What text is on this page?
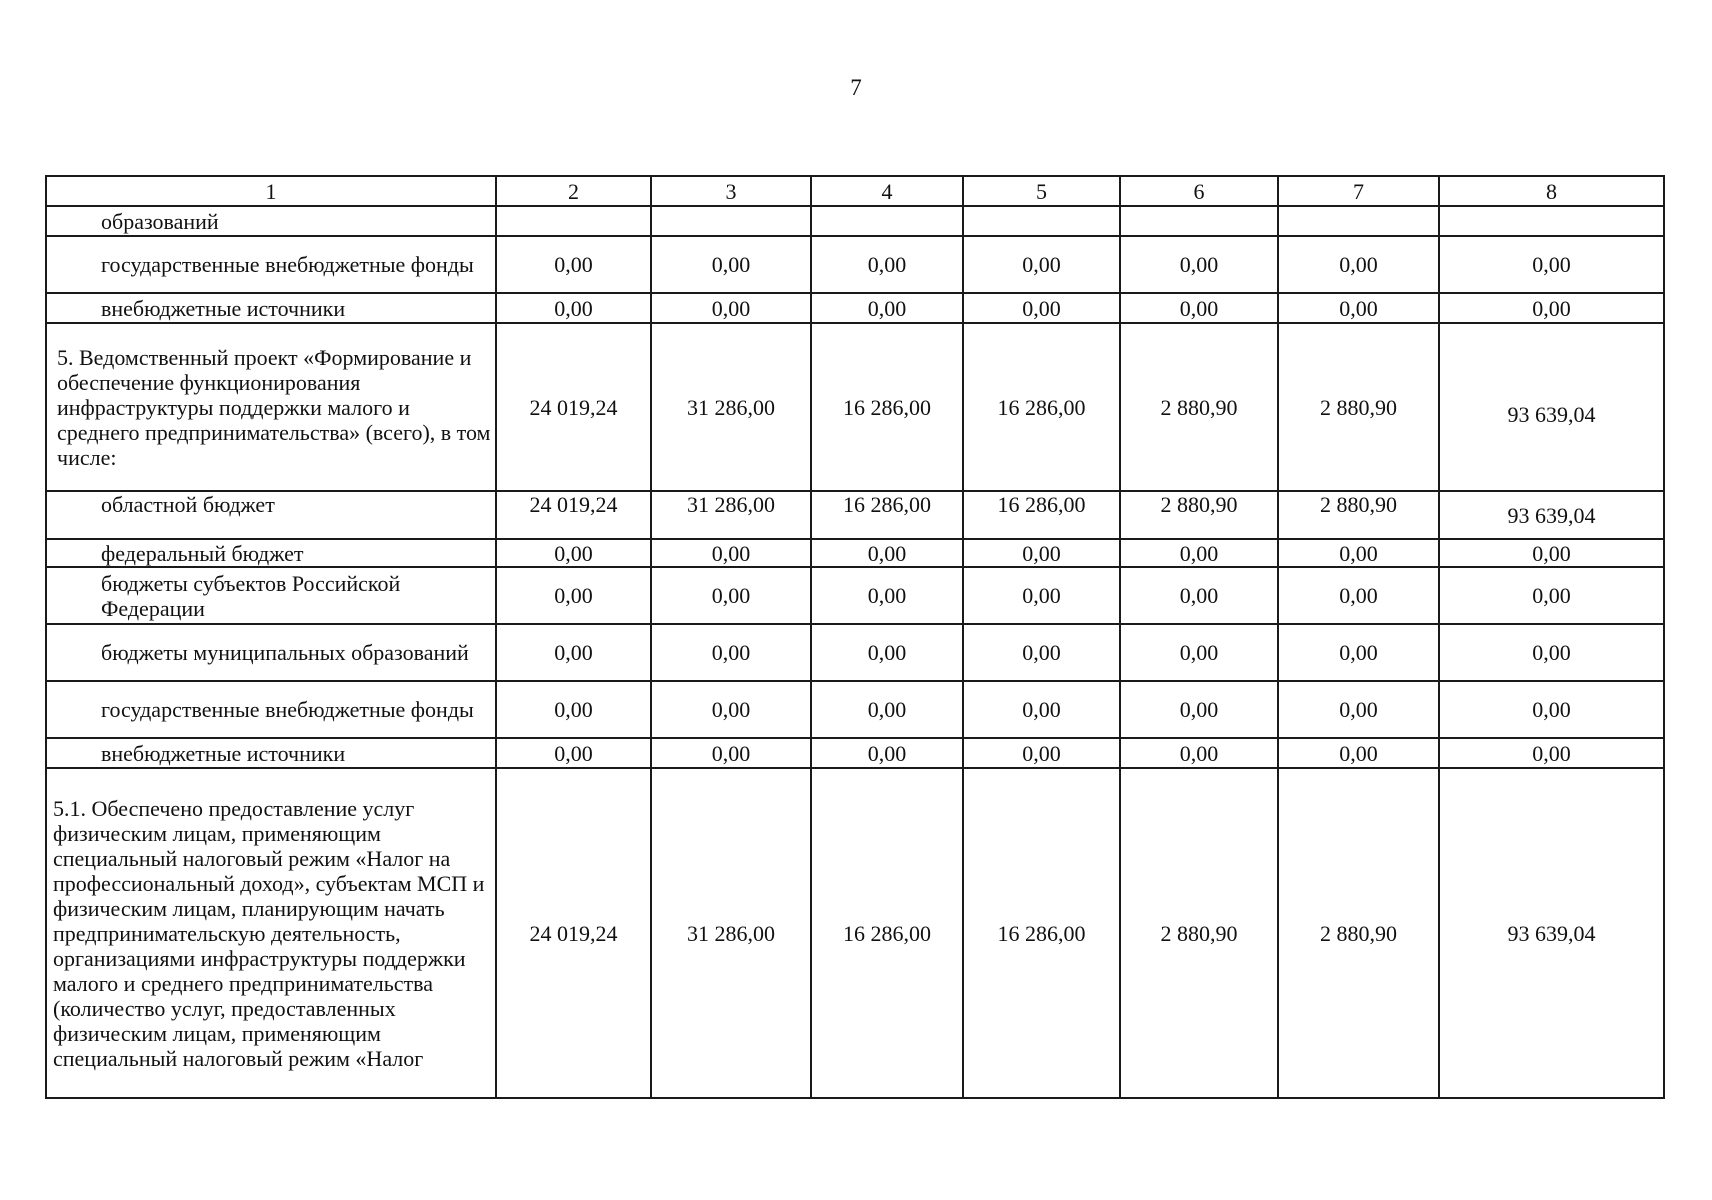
7
1	2	3	4	5	6	7	8
образований							
государственные внебюджетные фонды	0,00	0,00	0,00	0,00	0,00	0,00	0,00
внебюджетные источники	0,00	0,00	0,00	0,00	0,00	0,00	0,00
5. Ведомственный проект «Формирование и обеспечение функционирования инфраструктуры поддержки малого и среднего предпринимательства» (всего), в том числе:	24 019,24	31 286,00	16 286,00	16 286,00	2 880,90	2 880,90	93 639,04
областной бюджет	24 019,24	31 286,00	16 286,00	16 286,00	2 880,90	2 880,90	93 639,04
федеральный бюджет	0,00	0,00	0,00	0,00	0,00	0,00	0,00
бюджеты субъектов Российской Федерации	0,00	0,00	0,00	0,00	0,00	0,00	0,00
бюджеты муниципальных образований	0,00	0,00	0,00	0,00	0,00	0,00	0,00
государственные внебюджетные фонды	0,00	0,00	0,00	0,00	0,00	0,00	0,00
внебюджетные источники	0,00	0,00	0,00	0,00	0,00	0,00	0,00
5.1. Обеспечено предоставление услуг физическим лицам, применяющим специальный налоговый режим «Налог на профессиональный доход», субъектам МСП и физическим лицам, планирующим начать предпринимательскую деятельность, организациями инфраструктуры поддержки малого и среднего предпринимательства (количество услуг, предоставленных физическим лицам, применяющим специальный налоговый режим «Налог	24 019,24	31 286,00	16 286,00	16 286,00	2 880,90	2 880,90	93 639,04
